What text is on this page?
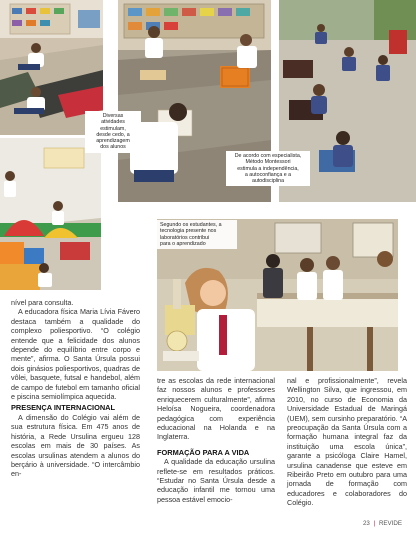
Diversas
atividades
estimulam,
desde cedo, a
aprendizagem
dos alunos
De acordo com especialista,
Método Montessori
estimula a independência,
a autoconfiança e a
autodisciplina
Segundo os estudantes, a
tecnologia presente nos
laboratórios contribui
para o aprendizado

nível para consulta.

A educadora física Maria Lívia Fávero destaca também a qualidade do complexo poliesportivo. “O colégio entende que a felicidade dos alunos depende do equilíbrio entre corpo e mente”, afirma. O Santa Úrsula possui dois ginásios poliesportivos, quadras de vôlei, basquete, futsal e handebol, além de campo de futebol em tamanho oficial e piscina semiolímpica aquecida.

PRESENÇA INTERNACIONAL

A dimensão do Colégio vai além de sua estrutura física. Em 475 anos de história, a Rede Ursulina ergueu 128 escolas em mais de 30 países. As escolas ursulinas atendem a alunos do berçário à universidade. “O intercâmbio en-

tre as escolas da rede internacional faz nossos alunos e professores enriquecerem culturalmente”, afirma Heloísa Nogueira, coordenadora pedagógica com experiência educacional na Holanda e na Inglaterra.

FORMAÇÃO PARA A VIDA

A qualidade da educação ursulina reflete-se em resultados práticos. “Estudar no Santa Úrsula desde a educação infantil me tornou uma pessoa estável emocio-

nal e profissionalmente”, revela Wellington Silva, que ingressou, em 2010, no curso de Economia da Universidade Estadual de Maringá (UEM), sem cursinho preparatório. “A preocupação da Santa Úrsula com a formação humana integral faz da instituição uma escola única”, garante a psicóloga Claire Hamel, ursulina canadense que esteve em Ribeirão Preto em outubro para uma jornada de formação com educadores e colaboradores do Colégio.

23 | REVIDE
